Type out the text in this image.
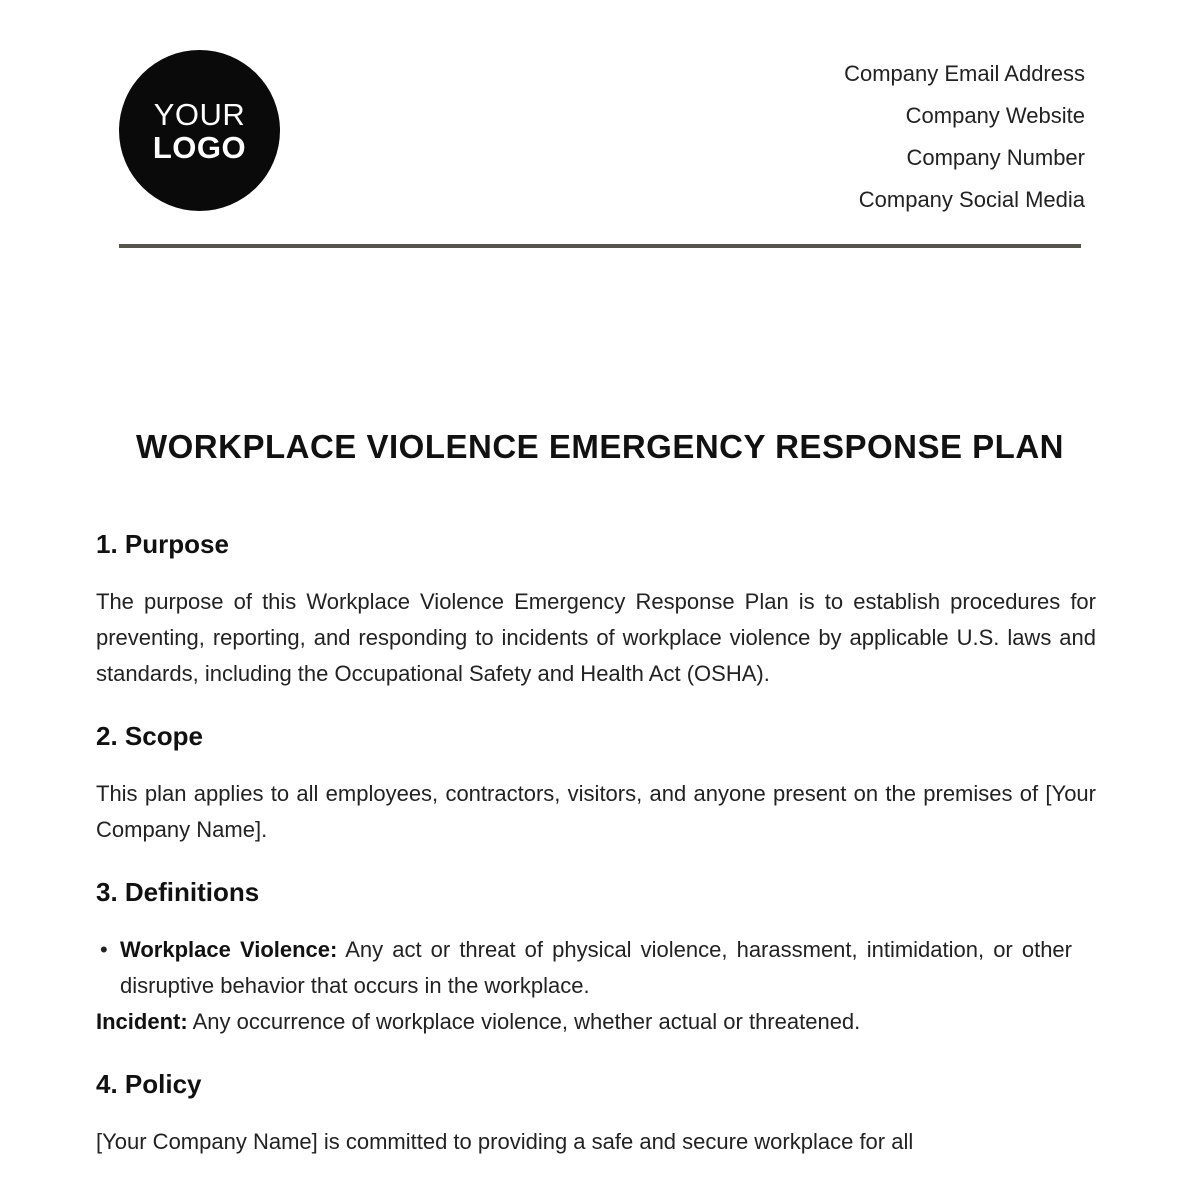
YOUR
LOGO
Company Email Address
Company Website
Company Number
Company Social Media
WORKPLACE VIOLENCE EMERGENCY RESPONSE PLAN
1. Purpose

The purpose of this Workplace Violence Emergency Response Plan is to establish procedures for preventing, reporting, and responding to incidents of workplace violence by applicable U.S. laws and standards, including the Occupational Safety and Health Act (OSHA).

2. Scope

This plan applies to all employees, contractors, visitors, and anyone present on the premises of [Your Company Name].

3. Definitions
• Workplace Violence: Any act or threat of physical violence, harassment, intimidation, or other disruptive behavior that occurs in the workplace.

Incident: Any occurrence of workplace violence, whether actual or threatened.

4. Policy

[Your Company Name] is committed to providing a safe and secure workplace for all
